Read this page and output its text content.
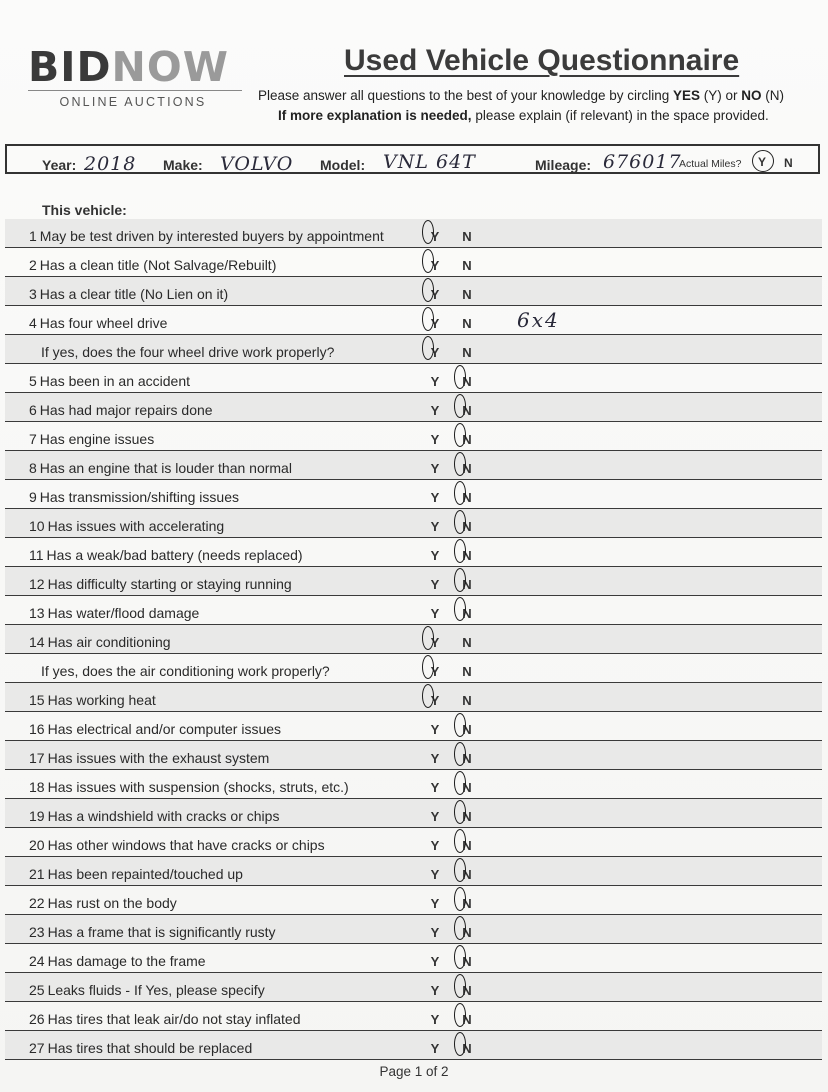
BIDNOW
ONLINE AUCTIONS
Used Vehicle Questionnaire
Please answer all questions to the best of your knowledge by circling YES (Y) or NO (N)
If more explanation is needed, please explain (if relevant) in the space provided.
Year: 2018 Make: VOLVO Model: VNL 64T	Mileage: 676017
Actual Miles? Y N
This vehicle:
1 May be test driven by interested buyers by appointment	Y N
2 Has a clean title (Not Salvage/Rebuilt)	Y N
3 Has a clear title (No Lien on it)	Y N
4 Has four wheel drive	Y N 6x4
If yes, does the four wheel drive work properly?	Y N
5 Has been in an accident	Y N
6 Has had major repairs done	Y N
7 Has engine issues	Y N
8 Has an engine that is louder than normal	Y N
9 Has transmission/shifting issues	Y N
10 Has issues with accelerating	Y N
11 Has a weak/bad battery (needs replaced)	Y N
12 Has difficulty starting or staying running	Y N
13 Has water/flood damage	Y N
14 Has air conditioning	Y N
If yes, does the air conditioning work properly?	Y N
15 Has working heat	Y N
16 Has electrical and/or computer issues	Y N
17 Has issues with the exhaust system	Y N
18 Has issues with suspension (shocks, struts, etc.)	Y N
19 Has a windshield with cracks or chips	Y N
20 Has other windows that have cracks or chips	Y N
21 Has been repainted/touched up	Y N
22 Has rust on the body	Y N
23 Has a frame that is significantly rusty	Y N
24 Has damage to the frame	Y N
25 Leaks fluids - If Yes, please specify	Y N
26 Has tires that leak air/do not stay inflated	Y N
27 Has tires that should be replaced	Y N
Page 1 of 2
